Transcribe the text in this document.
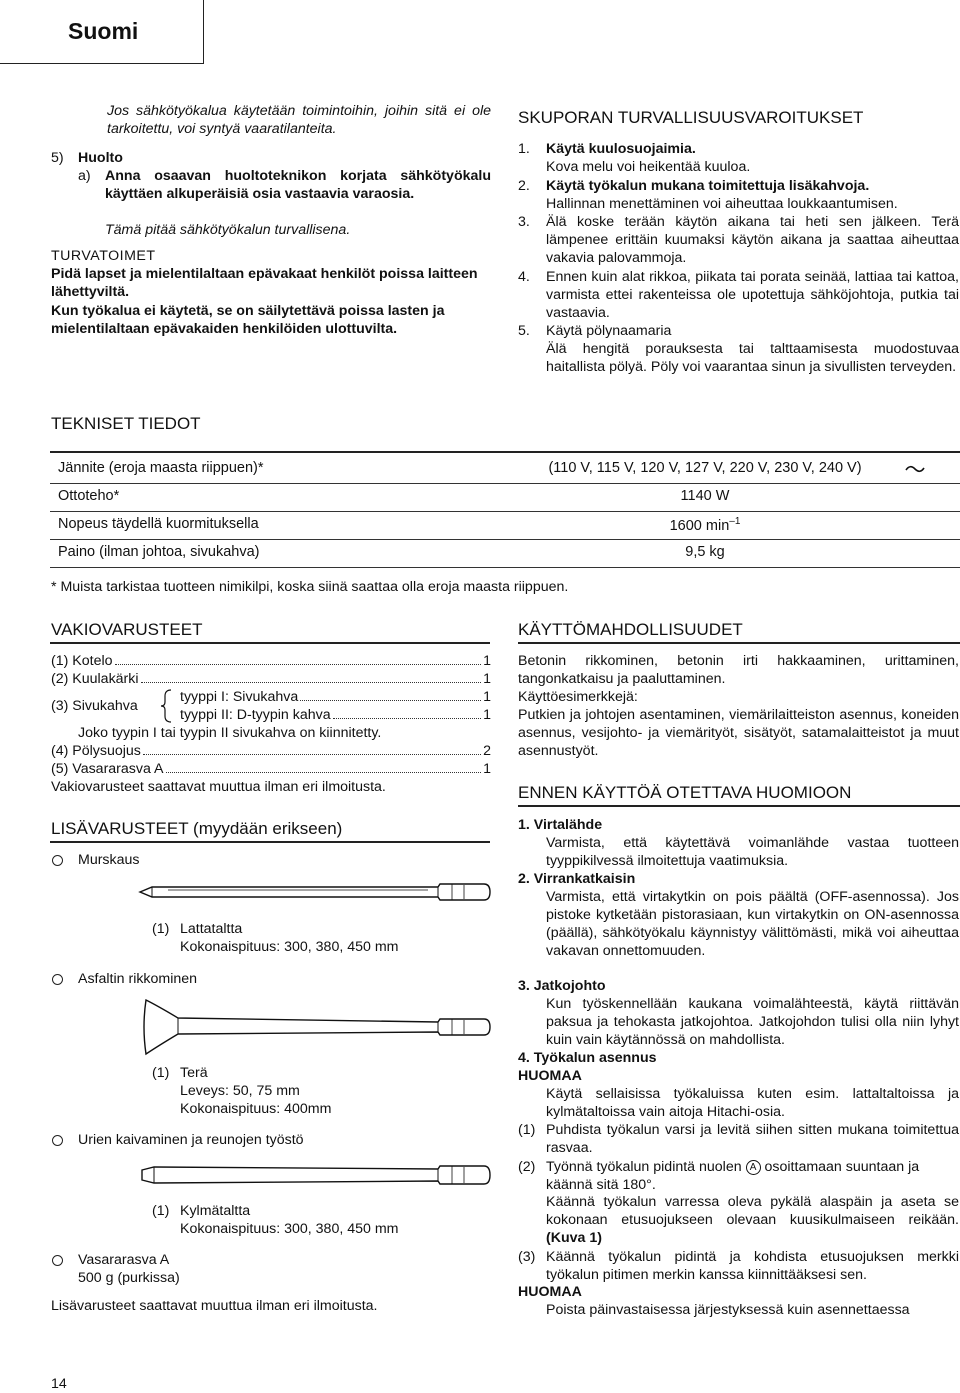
Suomi
Jos sähkötyökalua käytetään toimintoihin, joihin sitä ei ole tarkoitettu, voi syntyä vaaratilanteita.
5) Huolto
a) Anna osaavan huoltoteknikon korjata sähkötyökalu käyttäen alkuperäisiä osia vastaavia varaosia.
Tämä pitää sähkötyökalun turvallisena.
TURVATOIMET
Pidä lapset ja mielentilaltaan epävakaat henkilöt poissa laitteen lähettyviltä.
Kun työkalua ei käytetä, se on säilytettävä poissa lasten ja mielentilaltaan epävakaiden henkilöiden ulottuvilta.
SKUPORAN TURVALLISUUSVAROITUKSET
1. Käytä kuulosuojaimia.
Kova melu voi heikentää kuuloa.
2. Käytä työkalun mukana toimitettuja lisäkahvoja.
Hallinnan menettäminen voi aiheuttaa loukkaantumisen.
3. Älä koske terään käytön aikana tai heti sen jälkeen. Terä lämpenee erittäin kuumaksi käytön aikana ja saattaa aiheuttaa vakavia palovammoja.
4. Ennen kuin alat rikkoa, piikata tai porata seinää, lattiaa tai kattoa, varmista ettei rakenteissa ole upotettuja sähköjohtoja, putkia tai vastaavia.
5. Käytä pölynaamaria
Älä hengitä porauksesta tai talttaamisesta muodostuvaa haitallista pölyä. Pöly voi vaarantaa sinun ja sivullisten terveyden.
TEKNISET TIEDOT
Jännite (eroja maasta riippuen)*	(110 V, 115 V, 120 V, 127 V, 220 V, 230 V, 240 V)
Ottoteho*	1140 W
Nopeus täydellä kuormituksella	1600 $\min^{-1}$
Paino (ilman johtoa, sivukahva)	9,5 kg
* Muista tarkistaa tuotteen nimikilpi, koska siinä saattaa olla eroja maasta riippuen.
VAKIOVARUSTEET
(1) Kotelo	1
(2) Kuulakärki	1
(3) Sivukahva
tyyppi I: Sivukahva	1
tyyppi II: D-tyypin kahva	1
Joko tyypin I tai tyypin II sivukahva on kiinnitetty.
(4) Pölysuojus	2
(5) Vasararasva A	1
Vakiovarusteet saattavat muuttua ilman eri ilmoitusta.
LISÄVARUSTEET (myydään erikseen)
Murskaus
(1) Lattataltta
Kokonaispituus: 300, 380, 450 mm
Asfaltin rikkominen
(1) Terä
Leveys: 50, 75 mm
Kokonaispituus: 400mm
Urien kaivaminen ja reunojen työstö
(1) Kylmätaltta
Kokonaispituus: 300, 380, 450 mm
Vasararasva A
500 g (purkissa)
Lisävarusteet saattavat muuttua ilman eri ilmoitusta.
KÄYTTÖMAHDOLLISUUDET
Betonin rikkominen, betonin irti hakkaaminen, urittaminen, tangonkatkaisu ja paaluttaminen.
Käyttöesimerkkejä:
Putkien ja johtojen asentaminen, viemärilaitteiston asennus, koneiden asennus, vesijohto- ja viemärityöt, sisätyöt, satamalaitteistot ja muut asennustyöt.
ENNEN KÄYTTÖÄ OTETTAVA HUOMIOON
1. Virtalähde
Varmista, että käytettävä voimanlähde vastaa tuotteen tyyppikilvessä ilmoitettuja vaatimuksia.
2. Virrankatkaisin
Varmista, että virtakytkin on pois päältä (OFF-asennossa). Jos pistoke kytketään pistorasiaan, kun virtakytkin on ON-asennossa (päällä), sähkötyökalu käynnistyy välittömästi, mikä voi aiheuttaa vakavan onnettomuuden.
3. Jatkojohto
Kun työskennellään kaukana voimalähteestä, käytä riittävän paksua ja tehokasta jatkojohtoa. Jatkojohdon tulisi olla niin lyhyt kuin vain käytännössä on mahdollista.
4. Työkalun asennus
HUOMAA
Käytä sellaisissa työkaluissa kuten esim. lattaltaltoissa ja kylmätaltoissa vain aitoja Hitachi-osia.
(1) Puhdista työkalun varsi ja levitä siihen sitten mukana toimitettua rasvaa.
(2) Työnnä työkalun pidintä nuolen A osoittamaan suuntaan ja käännä sitä 180°.
Käännä työkalun varressa oleva pykälä alaspäin ja aseta se kokonaan etusuojukseen olevaan kuusikulmaiseen reikään. (Kuva 1)
(3) Käännä työkalun pidintä ja kohdista etusuojuksen merkki työkalun pitimen merkin kanssa kiinnittääksesi sen.
HUOMAA
Poista päinvastaisessa järjestyksessä kuin asennettaessa
14
